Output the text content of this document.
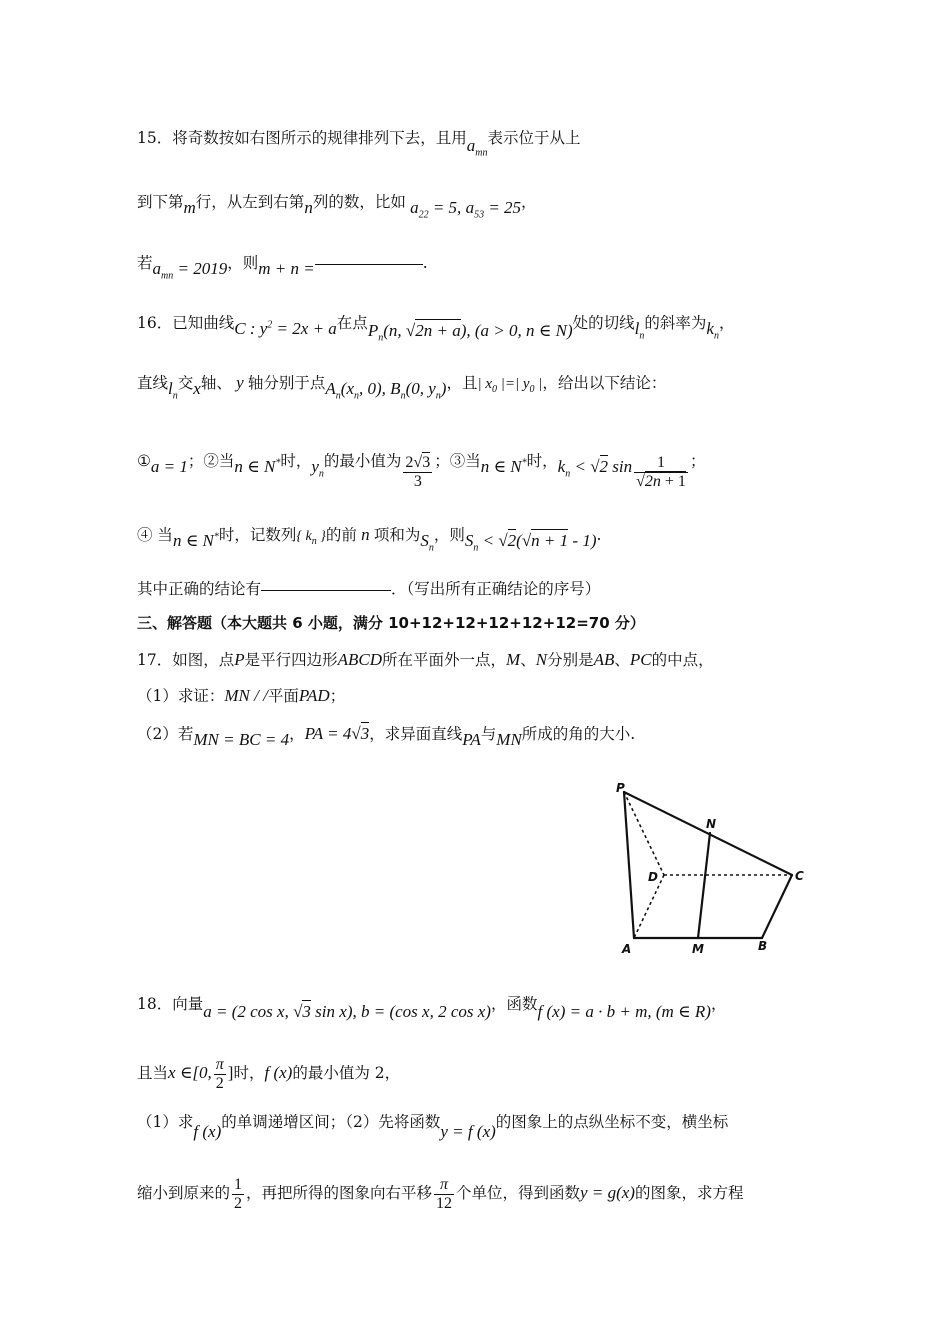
15．将奇数按如右图所示的规律排列下去，且用$a_{mn}$表示位于从上
到下第m行，从左到右第n列的数，比如 $a_{22} = 5$, $a_{53} = 25$，
若$a_{mn} = 2019$，则m + n =	.
16．已知曲线C : $y^2 = 2x + a$在点$P_n(n$, √2n + a), (a > 0, n ∈ N)处的切线$l_n$的斜率为$k_n$，
直线$l_n$交x轴、 y 轴分别于点$A_n(x_n$, 0), $B_n(0$, $y_n$)，且| $x_0$ |=| $y_0$ |，给出以下结论：
①a = 1；②当n ∈ N*时，$y_n$的最小值为 $\frac{2√3}{3}$ ；③当n ∈ N*时，$k_n < √2$ $\sin \frac{1}{√2n + 1}$ ；
④ 当n ∈ N*时，记数列{ $k_n$ }的前 n 项和为$S_n$，则$S_n < √2(√n + 1 - 1)$.
其中正确的结论有	．（写出所有正确结论的序号）
三、解答题（本大题共 6 小题，满分 10+12+12+12+12+12=70 分）
17．如图，点P是平行四边形ABCD所在平面外一点，M、N分别是AB、PC的中点，
（1）求证：MN / /平面PAD；
（2）若MN = BC = 4，PA = 4√3，求异面直线PA与MN所成的角的大小.
P
N
D	C
A	M	B
18．向量a = (2 cos x, √3 sin x), b = (cos x, 2 cos x)，函数f (x) = a · b + m, (m ∈ R)，
且当x ∈[0, $\frac{\pi}{2}$ ]时，f (x)的最小值为 2，
（1）求f (x)的单调递增区间；（2）先将函数y = f (x)的图象上的点纵坐标不变，横坐标
缩小到原来的 $\frac{1}{2}$ ，再把所得的图象向右平移 $\frac{\pi}{12}$ 个单位，得到函数y = g(x)的图象，求方程
